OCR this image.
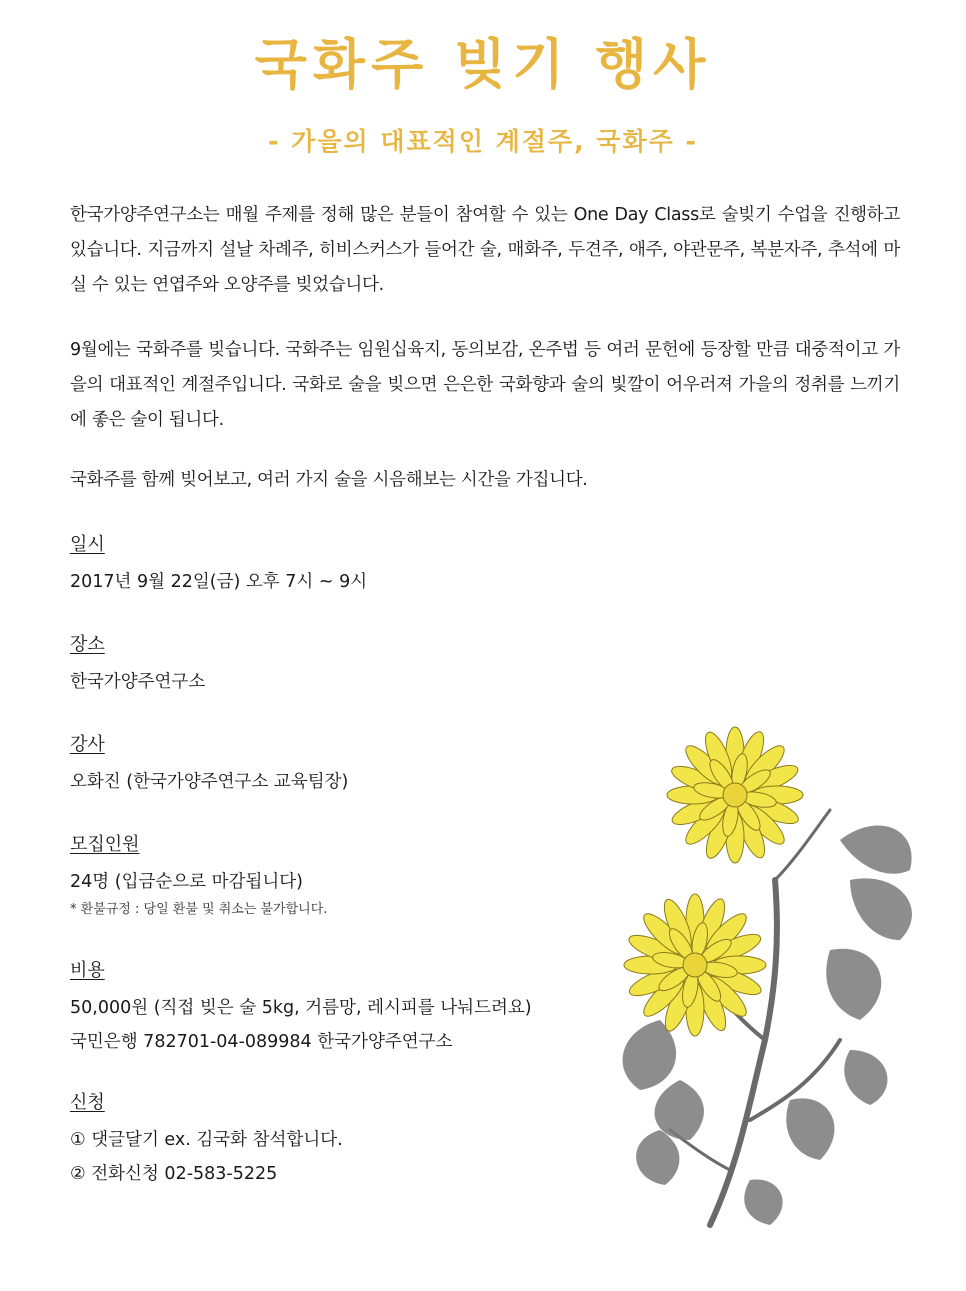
국화주 빚기 행사
- 가을의 대표적인 계절주, 국화주 -
한국가양주연구소는 매월 주제를 정해 많은 분들이 참여할 수 있는 One Day Class로 술빚기 수업을 진행하고 있습니다. 지금까지 설날 차례주, 히비스커스가 들어간 술, 매화주, 두견주, 애주, 야관문주, 복분자주, 추석에 마실 수 있는 연엽주와 오양주를 빚었습니다.
9월에는 국화주를 빚습니다. 국화주는 임원십육지, 동의보감, 온주법 등 여러 문헌에 등장할 만큼 대중적이고 가을의 대표적인 계절주입니다. 국화로 술을 빚으면 은은한 국화향과 술의 빛깔이 어우러져 가을의 정취를 느끼기에 좋은 술이 됩니다.
국화주를 함께 빚어보고, 여러 가지 술을 시음해보는 시간을 가집니다.
일시
2017년 9월 22일(금) 오후 7시 ~ 9시
장소
한국가양주연구소
강사
오화진 (한국가양주연구소 교육팀장)
모집인원
24명 (입금순으로 마감됩니다)
* 환불규정 : 당일 환불 및 취소는 불가합니다.
비용
50,000원 (직접 빚은 술 5kg, 거름망, 레시피를 나눠드려요)
국민은행 782701-04-089984 한국가양주연구소
신청
① 댓글달기 ex. 김국화 참석합니다.
② 전화신청 02-583-5225
